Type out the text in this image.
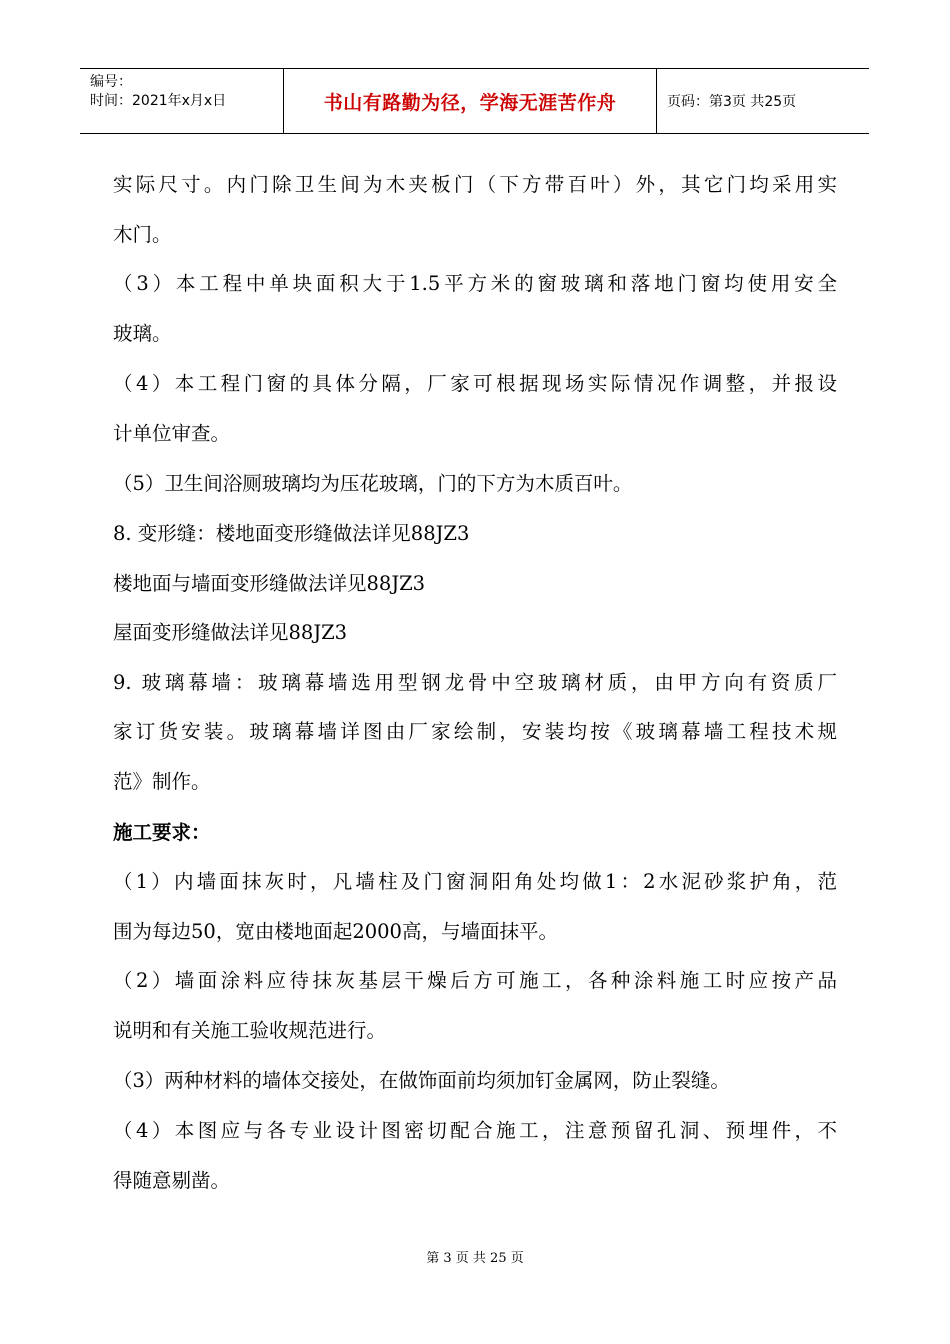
编号：
时间：2021年x月x日	书山有路勤为径，学海无涯苦作舟	页码：第3页 共25页
实际尺寸。内门除卫生间为木夹板门（下方带百叶）外，其它门均采用实
木门。
（3）本工程中单块面积大于1.5平方米的窗玻璃和落地门窗均使用安全
玻璃。
（4）本工程门窗的具体分隔，厂家可根据现场实际情况作调整，并报设
计单位审查。
（5）卫生间浴厕玻璃均为压花玻璃，门的下方为木质百叶。
8. 变形缝：楼地面变形缝做法详见88JZ3
楼地面与墙面变形缝做法详见88JZ3
屋面变形缝做法详见88JZ3
9. 玻璃幕墙：玻璃幕墙选用型钢龙骨中空玻璃材质，由甲方向有资质厂
家订货安装。玻璃幕墙详图由厂家绘制，安装均按《玻璃幕墙工程技术规
范》制作。
施工要求：
（1）内墙面抹灰时，凡墙柱及门窗洞阳角处均做1：2水泥砂浆护角，范
围为每边50，宽由楼地面起2000高，与墙面抹平。
（2）墙面涂料应待抹灰基层干燥后方可施工，各种涂料施工时应按产品
说明和有关施工验收规范进行。
（3）两种材料的墙体交接处，在做饰面前均须加钉金属网，防止裂缝。
（4）本图应与各专业设计图密切配合施工，注意预留孔洞、预埋件，不
得随意剔凿。
第 3 页 共 25 页
